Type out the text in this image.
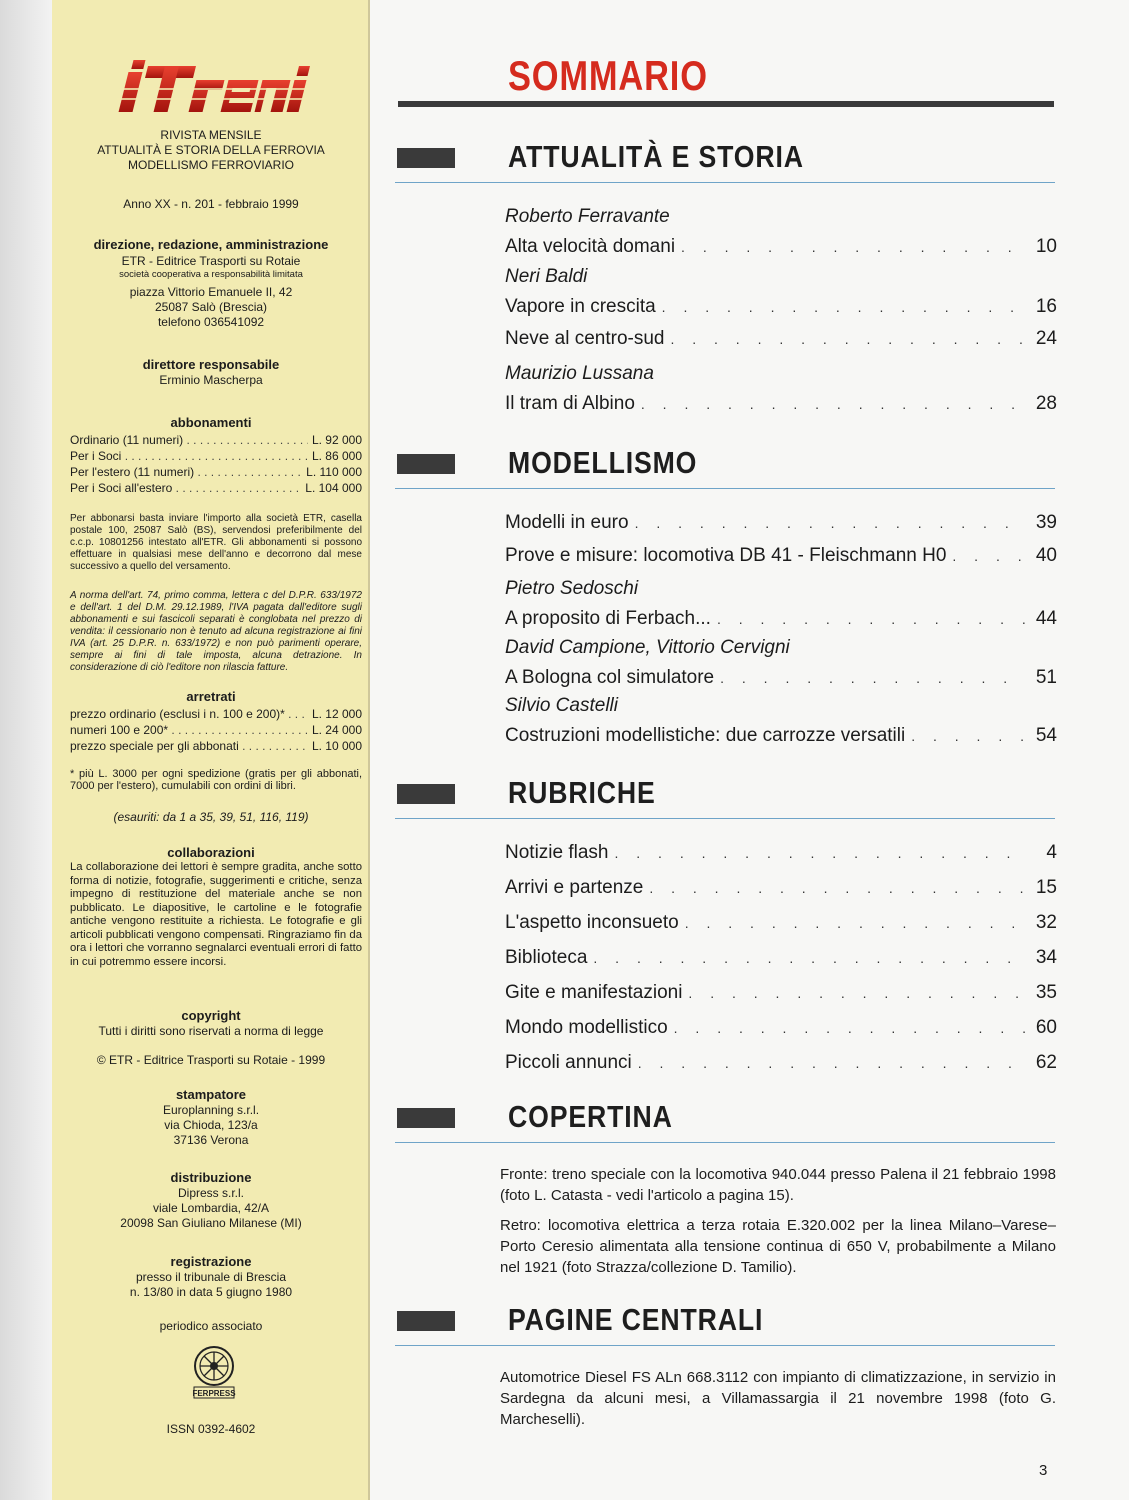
RIVISTA MENSILE
ATTUALITÀ E STORIA DELLA FERROVIA
MODELLISMO FERROVIARIO
Anno XX - n. 201 - febbraio 1999
direzione, redazione, amministrazione
ETR - Editrice Trasporti su Rotaie
società cooperativa a responsabilità limitata
piazza Vittorio Emanuele II, 42
25087 Salò (Brescia)
telefono 036541092
direttore responsabile
Erminio Mascherpa
abbonamenti
Ordinario (11 numeri) . . .	L. 92 000
Per i Soci . . .	L. 86 000
Per l'estero (11 numeri) . . .	L. 110 000
Per i Soci all'estero . . .	L. 104 000
Per abbonarsi basta inviare l'importo alla società ETR, casella postale 100, 25087 Salò (BS), servendosi preferibilmente del c.c.p. 10801256 intestato all'ETR. Gli abbonamenti si possono effettuare in qualsiasi mese dell'anno e decorrono dal mese successivo a quello del versamento.
A norma dell'art. 74, primo comma, lettera c del D.P.R. 633/1972 e dell'art. 1 del D.M. 29.12.1989, l'IVA pagata dall'editore sugli abbonamenti e sui fascicoli separati è conglobata nel prezzo di vendita: il cessionario non è tenuto ad alcuna registrazione ai fini IVA (art. 25 D.P.R. n. 633/1972) e non può parimenti operare, sempre ai fini di tale imposta, alcuna detrazione. In considerazione di ciò l'editore non rilascia fatture.
arretrati
prezzo ordinario (esclusi i n. 100 e 200)* . . .	L. 12 000
numeri 100 e 200* . . .	L. 24 000
prezzo speciale per gli abbonati . . .	L. 10 000
* più L. 3000 per ogni spedizione (gratis per gli abbonati, 7000 per l'estero), cumulabili con ordini di libri.
(esauriti: da 1 a 35, 39, 51, 116, 119)
collaborazioni
La collaborazione dei lettori è sempre gradita, anche sotto forma di notizie, fotografie, suggerimenti e critiche, senza impegno di restituzione del materiale anche se non pubblicato. Le diapositive, le cartoline e le fotografie antiche vengono restituite a richiesta. Le fotografie e gli articoli pubblicati vengono compensati. Ringraziamo fin da ora i lettori che vorranno segnalarci eventuali errori di fatto in cui potremmo essere incorsi.
copyright
Tutti i diritti sono riservati a norma di legge
© ETR - Editrice Trasporti su Rotaie - 1999
stampatore
Europlanning s.r.l.
via Chioda, 123/a
37136 Verona
distribuzione
Dipress s.r.l.
viale Lombardia, 42/A
20098 San Giuliano Milanese (MI)
registrazione
presso il tribunale di Brescia
n. 13/80 in data 5 giugno 1980
periodico associato
FERPRESS
ISSN 0392-4602
SOMMARIO
ATTUALITÀ E STORIA
Roberto Ferravante
Alta velocità domani . . .	10
Neri Baldi
Vapore in crescita . . .	16
Neve al centro-sud . . .	24
Maurizio Lussana
Il tram di Albino . . .	28
MODELLISMO
Modelli in euro . . .	39
Prove e misure: locomotiva DB 41 - Fleischmann H0 . . .	40
Pietro Sedoschi
A proposito di Ferbach... . . .	44
David Campione, Vittorio Cervigni
A Bologna col simulatore . . .	51
Silvio Castelli
Costruzioni modellistiche: due carrozze versatili . . .	54
RUBRICHE
Notizie flash . . .	4
Arrivi e partenze . . .	15
L'aspetto inconsueto . . .	32
Biblioteca . . .	34
Gite e manifestazioni . . .	35
Mondo modellistico . . .	60
Piccoli annunci . . .	62
COPERTINA
Fronte: treno speciale con la locomotiva 940.044 presso Palena il 21 febbraio 1998 (foto L. Catasta - vedi l'articolo a pagina 15).
Retro: locomotiva elettrica a terza rotaia E.320.002 per la linea Milano–Varese–Porto Ceresio alimentata alla tensione continua di 650 V, probabilmente a Milano nel 1921 (foto Strazza/collezione D. Tamilio).
PAGINE CENTRALI
Automotrice Diesel FS ALn 668.3112 con impianto di climatizzazione, in servizio in Sardegna da alcuni mesi, a Villamassargia il 21 novembre 1998 (foto G. Marcheselli).
3
